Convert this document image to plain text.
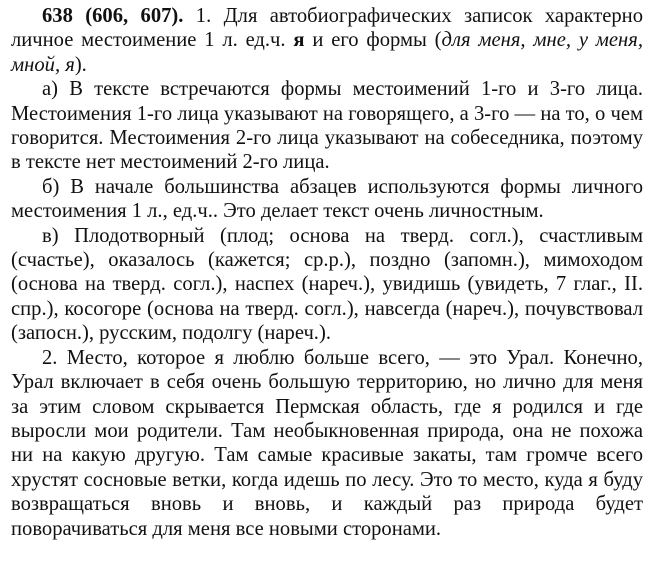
638 (606, 607). 1. Для автобиографических записок характерно личное местоимение 1 л. ед.ч. я и его формы (для меня, мне, у меня, мной, я).

а) В тексте встречаются формы местоимений 1-го и 3-го лица. Местоимения 1-го лица указывают на говорящего, а 3-го — на то, о чем говорится. Местоимения 2-го лица указывают на собеседника, поэтому в тексте нет местоимений 2-го лица.

б) В начале большинства абзацев используются формы личного местоимения 1 л., ед.ч.. Это делает текст очень личностным.

в) Плодотворный (плод; основа на тверд. согл.), счастливым (счастье), оказалось (кажется; ср.р.), поздно (запомн.), мимоходом (основа на тверд. согл.), наспех (нареч.), увидишь (увидеть, 7 глаг., II. спр.), косогоре (основа на тверд. согл.), навсегда (нареч.), почувствовал (запосн.), русским, подолгу (нареч.).

2. Место, которое я люблю больше всего, — это Урал. Конечно, Урал включает в себя очень большую территорию, но лично для меня за этим словом скрывается Пермская область, где я родился и где выросли мои родители. Там необыкновенная природа, она не похожа ни на какую другую. Там самые красивые закаты, там громче всего хрустят сосновые ветки, когда идешь по лесу. Это то место, куда я буду возвращаться вновь и вновь, и каждый раз природа будет поворачиваться для меня все новыми сторонами.
